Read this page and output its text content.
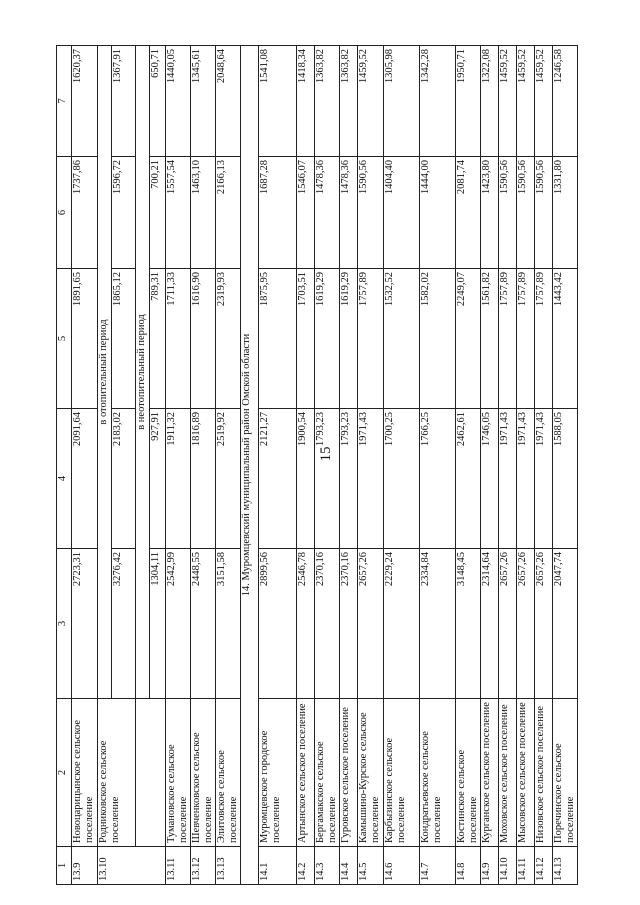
15
1	2	3	4	5	6	7
13.9	Новоцарицынское сельское поселение	2723,31	2091,64	1891,65	1737,86	1620,37
13.10	Родниковское сельское поселение	в отопительный период				
		3276,42	2183,02	1865,12	1596,72	1367,91
		в неотопительный период				
		1304,11	927,91	789,31	700,21	650,71
13.11	Тумановское сельское поселение	2542,99	1911,32	1711,33	1557,54	1440,05
13.12	Шевченковское сельское поселение	2448,55	1816,89	1616,90	1463,10	1345,61
13.13	Элитовское сельское поселение	3151,58	2519,92	2319,93	2166,13	2048,64
14. Муромцевский муниципальный район Омской области						
14.1	Муромцевское городское поселение	2899,56	2121,27	1875,95	1687,28	1541,08
14.2	Артынское сельское поселение	2546,78	1900,54	1703,51	1546,07	1418,34
14.3	Бергамакское сельское поселение	2370,16	1793,23	1619,29	1478,36	1363,82
14.4	Гуровское сельское поселение	2370,16	1793,23	1619,29	1478,36	1363,82
14.5	Камышино-Курское сельское поселение	2657,26	1971,43	1757,89	1590,56	1459,52
14.6	Карбызинское сельское поселение	2229,24	1700,25	1532,52	1404,40	1305,98
14.7	Кондратьевское сельское поселение	2334,84	1766,25	1582,02	1444,00	1342,28
14.8	Костинское сельское поселение	3148,45	2462,61	2249,07	2081,74	1950,71
14.9	Курганское сельское поселение	2314,64	1746,05	1561,82	1423,80	1322,08
14.10	Моховское сельское поселение	2657,26	1971,43	1757,89	1590,56	1459,52
14.11	Мысовское сельское поселение	2657,26	1971,43	1757,89	1590,56	1459,52
14.12	Низовское сельское поселение	2657,26	1971,43	1757,89	1590,56	1459,52
14.13	Поречинское сельское поселение	2047,74	1588,05	1443,42	1331,80	1246,58
